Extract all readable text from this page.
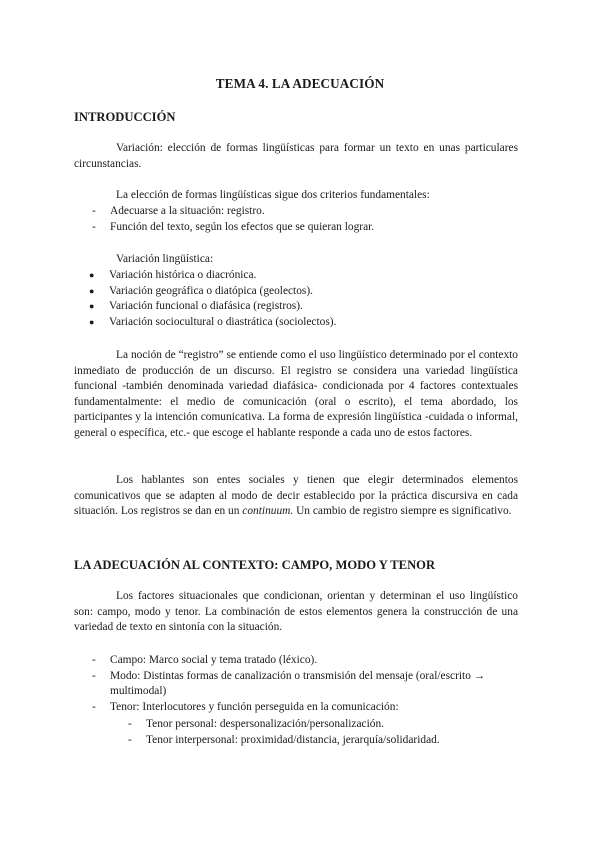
TEMA 4. LA ADECUACIÓN
INTRODUCCIÓN

Variación: elección de formas lingüísticas para formar un texto en unas particulares circunstancias.

La elección de formas lingüísticas sigue dos criterios fundamentales:
-	Adecuarse a la situación: registro.
-	Función del texto, según los efectos que se quieran lograr.
Variación lingüística:
● Variación histórica o diacrónica.
● Variación geográfica o diatópica (geolectos).
● Variación funcional o diafásica (registros).
● Variación sociocultural o diastrática (sociolectos).

La noción de “registro” se entiende como el uso lingüístico determinado por el contexto inmediato de producción de un discurso. El registro se considera una variedad lingüística funcional -también denominada variedad diafásica- condicionada por 4 factores contextuales fundamentalmente: el medio de comunicación (oral o escrito), el tema abordado, los participantes y la intención comunicativa. La forma de expresión lingüística -cuidada o informal, general o específica, etc.- que escoge el hablante responde a cada uno de estos factores.

Los hablantes son entes sociales y tienen que elegir determinados elementos comunicativos que se adapten al modo de decir establecido por la práctica discursiva en cada situación. Los registros se dan en un continuum. Un cambio de registro siempre es significativo.

LA ADECUACIÓN AL CONTEXTO: CAMPO, MODO Y TENOR

Los factores situacionales que condicionan, orientan y determinan el uso lingüístico son: campo, modo y tenor. La combinación de estos elementos genera la construcción de una variedad de texto en sintonía con la situación.

-	Campo: Marco social y tema tratado (léxico).
-	Modo: Distintas formas de canalización o transmisión del mensaje (oral/escrito → multimodal)
-	Tenor: Interlocutores y función perseguida en la comunicación:
- Tenor personal: despersonalización/personalización.
- Tenor interpersonal: proximidad/distancia, jerarquía/solidaridad.
